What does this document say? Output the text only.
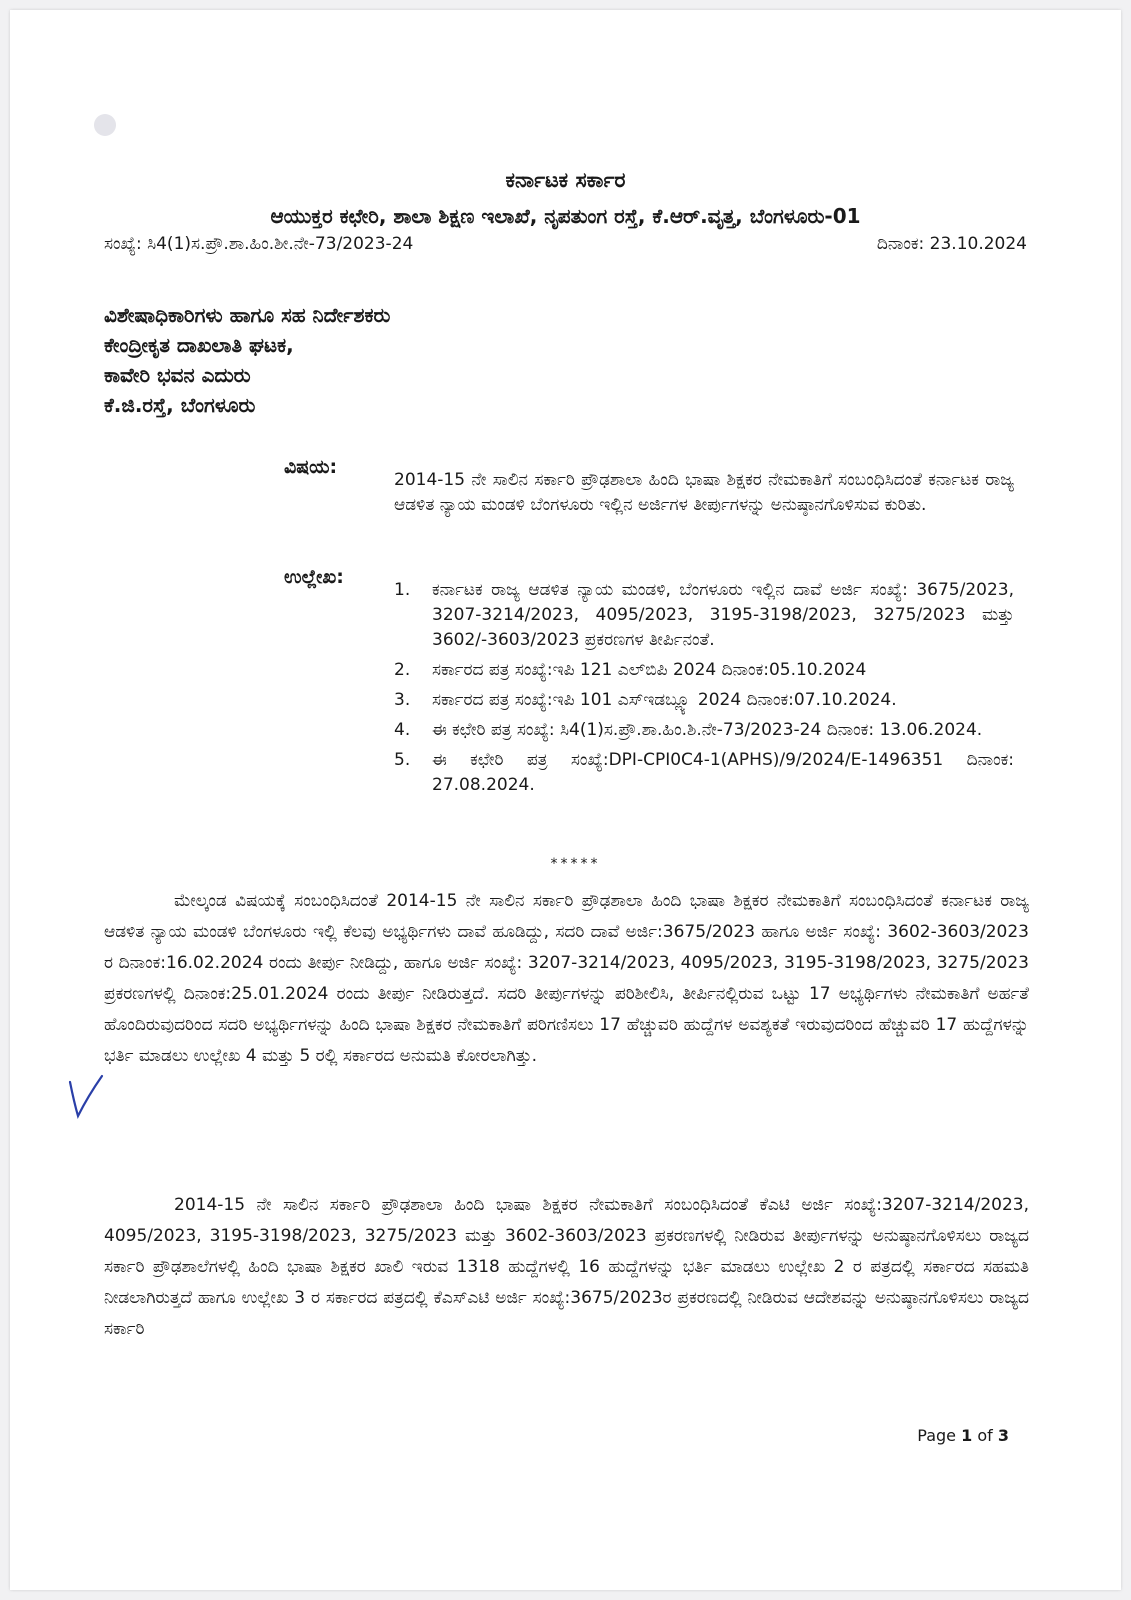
ಕರ್ನಾಟಕ ಸರ್ಕಾರ
ಆಯುಕ್ತರ ಕಛೇರಿ, ಶಾಲಾ ಶಿಕ್ಷಣ ಇಲಾಖೆ, ನೃಪತುಂಗ ರಸ್ತೆ, ಕೆ.ಆರ್.ವೃತ್ತ, ಬೆಂಗಳೂರು-01
ಸಂಖ್ಯೆ: ಸಿ4(1)ಸ.ಪ್ರೌ.ಶಾ.ಹಿಂ.ಶೀ.ನೇ-73/2023-24	ದಿನಾಂಕ: 23.10.2024
ವಿಶೇಷಾಧಿಕಾರಿಗಳು ಹಾಗೂ ಸಹ ನಿರ್ದೇಶಕರು
ಕೇಂದ್ರೀಕೃತ ದಾಖಲಾತಿ ಘಟಕ,
ಕಾವೇರಿ ಭವನ ಎದುರು
ಕೆ.ಜಿ.ರಸ್ತೆ, ಬೆಂಗಳೂರು
ವಿಷಯ:
2014-15 ನೇ ಸಾಲಿನ ಸರ್ಕಾರಿ ಪ್ರೌಢಶಾಲಾ ಹಿಂದಿ ಭಾಷಾ ಶಿಕ್ಷಕರ ನೇಮಕಾತಿಗೆ ಸಂಬಂಧಿಸಿದಂತೆ ಕರ್ನಾಟಕ ರಾಜ್ಯ ಆಡಳಿತ ನ್ಯಾಯ ಮಂಡಳಿ ಬೆಂಗಳೂರು ಇಲ್ಲಿನ ಅರ್ಜಿಗಳ ತೀರ್ಪುಗಳನ್ನು ಅನುಷ್ಠಾನಗೊಳಿಸುವ ಕುರಿತು.
ಉಲ್ಲೇಖ:
1.	ಕರ್ನಾಟಕ ರಾಜ್ಯ ಆಡಳಿತ ನ್ಯಾಯ ಮಂಡಳಿ, ಬೆಂಗಳೂರು ಇಲ್ಲಿನ ದಾವೆ ಅರ್ಜಿ ಸಂಖ್ಯೆ: 3675/2023, 3207-3214/2023, 4095/2023, 3195-3198/2023, 3275/2023 ಮತ್ತು 3602/-3603/2023 ಪ್ರಕರಣಗಳ ತೀರ್ಪಿನಂತೆ.
2.	ಸರ್ಕಾರದ ಪತ್ರ ಸಂಖ್ಯೆ:ಇಪಿ 121 ಎಲ್‌ಬಿಪಿ 2024 ದಿನಾಂಕ:05.10.2024
3.	ಸರ್ಕಾರದ ಪತ್ರ ಸಂಖ್ಯೆ:ಇಪಿ 101 ಎಸ್‌ಇಡಬ್ಲ್ಯೂ 2024 ದಿನಾಂಕ:07.10.2024.
4.	ಈ ಕಛೇರಿ ಪತ್ರ ಸಂಖ್ಯೆ: ಸಿ4(1)ಸ.ಪ್ರೌ.ಶಾ.ಹಿಂ.ಶಿ.ನೇ-73/2023-24 ದಿನಾಂಕ: 13.06.2024.
5.	ಈ ಕಛೇರಿ ಪತ್ರ ಸಂಖ್ಯೆ:DPI-CPI0C4-1(APHS)/9/2024/E-1496351 ದಿನಾಂಕ: 27.08.2024.
*****
ಮೇಲ್ಕಂಡ ವಿಷಯಕ್ಕೆ ಸಂಬಂಧಿಸಿದಂತೆ 2014-15 ನೇ ಸಾಲಿನ ಸರ್ಕಾರಿ ಪ್ರೌಢಶಾಲಾ ಹಿಂದಿ ಭಾಷಾ ಶಿಕ್ಷಕರ ನೇಮಕಾತಿಗೆ ಸಂಬಂಧಿಸಿದಂತೆ ಕರ್ನಾಟಕ ರಾಜ್ಯ ಆಡಳಿತ ನ್ಯಾಯ ಮಂಡಳಿ ಬೆಂಗಳೂರು ಇಲ್ಲಿ ಕೆಲವು ಅಭ್ಯರ್ಥಿಗಳು ದಾವೆ ಹೂಡಿದ್ದು, ಸದರಿ ದಾವೆ ಅರ್ಜಿ:3675/2023 ಹಾಗೂ ಅರ್ಜಿ ಸಂಖ್ಯೆ: 3602-3603/2023 ರ ದಿನಾಂಕ:16.02.2024 ರಂದು ತೀರ್ಪು ನೀಡಿದ್ದು, ಹಾಗೂ ಅರ್ಜಿ ಸಂಖ್ಯೆ: 3207-3214/2023, 4095/2023, 3195-3198/2023, 3275/2023 ಪ್ರಕರಣಗಳಲ್ಲಿ ದಿನಾಂಕ:25.01.2024 ರಂದು ತೀರ್ಪು ನೀಡಿರುತ್ತದೆ. ಸದರಿ ತೀರ್ಪುಗಳನ್ನು ಪರಿಶೀಲಿಸಿ, ತೀರ್ಪಿನಲ್ಲಿರುವ ಒಟ್ಟು 17 ಅಭ್ಯರ್ಥಿಗಳು ನೇಮಕಾತಿಗೆ ಅರ್ಹತೆ ಹೊಂದಿರುವುದರಿಂದ ಸದರಿ ಅಭ್ಯರ್ಥಿಗಳನ್ನು ಹಿಂದಿ ಭಾಷಾ ಶಿಕ್ಷಕರ ನೇಮಕಾತಿಗೆ ಪರಿಗಣಿಸಲು 17 ಹೆಚ್ಚುವರಿ ಹುದ್ದೆಗಳ ಅವಶ್ಯಕತೆ ಇರುವುದರಿಂದ ಹೆಚ್ಚುವರಿ 17 ಹುದ್ದೆಗಳನ್ನು ಭರ್ತಿ ಮಾಡಲು ಉಲ್ಲೇಖ 4 ಮತ್ತು 5 ರಲ್ಲಿ ಸರ್ಕಾರದ ಅನುಮತಿ ಕೋರಲಾಗಿತ್ತು.
2014-15 ನೇ ಸಾಲಿನ ಸರ್ಕಾರಿ ಪ್ರೌಢಶಾಲಾ ಹಿಂದಿ ಭಾಷಾ ಶಿಕ್ಷಕರ ನೇಮಕಾತಿಗೆ ಸಂಬಂಧಿಸಿದಂತೆ ಕೆಎಟಿ ಅರ್ಜಿ ಸಂಖ್ಯೆ:3207-3214/2023, 4095/2023, 3195-3198/2023, 3275/2023 ಮತ್ತು 3602-3603/2023 ಪ್ರಕರಣಗಳಲ್ಲಿ ನೀಡಿರುವ ತೀರ್ಪುಗಳನ್ನು ಅನುಷ್ಠಾನಗೊಳಿಸಲು ರಾಜ್ಯದ ಸರ್ಕಾರಿ ಪ್ರೌಢಶಾಲೆಗಳಲ್ಲಿ ಹಿಂದಿ ಭಾಷಾ ಶಿಕ್ಷಕರ ಖಾಲಿ ಇರುವ 1318 ಹುದ್ದೆಗಳಲ್ಲಿ 16 ಹುದ್ದೆಗಳನ್ನು ಭರ್ತಿ ಮಾಡಲು ಉಲ್ಲೇಖ 2 ರ ಪತ್ರದಲ್ಲಿ ಸರ್ಕಾರದ ಸಹಮತಿ ನೀಡಲಾಗಿರುತ್ತದೆ ಹಾಗೂ ಉಲ್ಲೇಖ 3 ರ ಸರ್ಕಾರದ ಪತ್ರದಲ್ಲಿ ಕೆಎಸ್‌ಎಟಿ ಅರ್ಜಿ ಸಂಖ್ಯೆ:3675/2023ರ ಪ್ರಕರಣದಲ್ಲಿ ನೀಡಿರುವ ಆದೇಶವನ್ನು ಅನುಷ್ಠಾನಗೊಳಿಸಲು ರಾಜ್ಯದ ಸರ್ಕಾರಿ
Page 1 of 3
